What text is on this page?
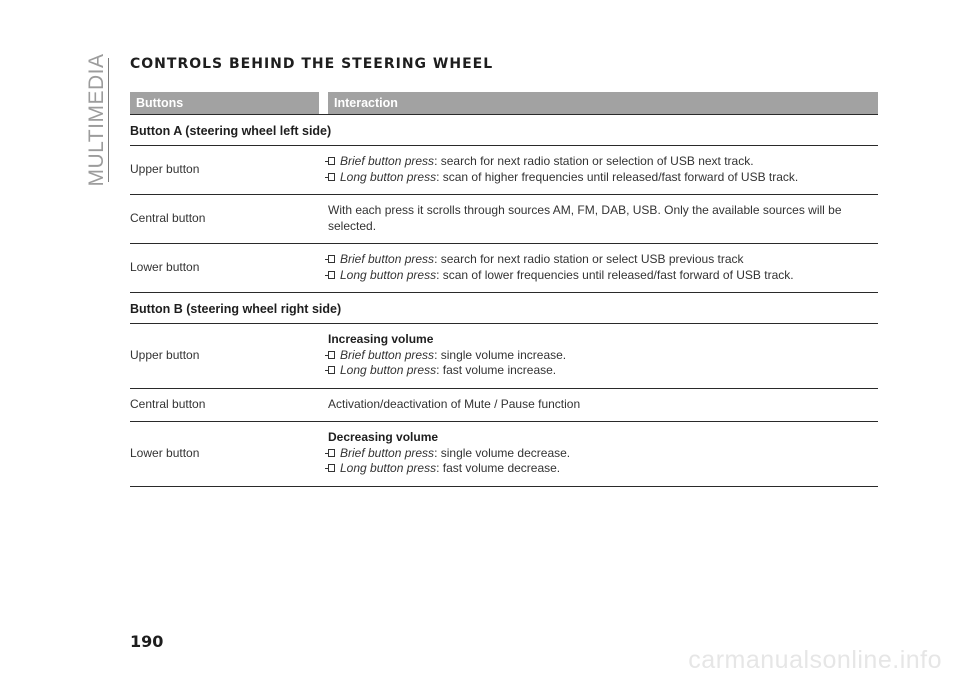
MULTIMEDIA CONTROLS BEHIND THE STEERING WHEEL
Buttons	Interaction
Button A (steering wheel left side)
Upper button
Brief button press: search for next radio station or selection of USB next track.
Long button press: scan of higher frequencies until released/fast forward of USB track.
Central button
With each press it scrolls through sources AM, FM, DAB, USB. Only the available sources will be selected.
Lower button
Brief button press: search for next radio station or select USB previous track
Long button press: scan of lower frequencies until released/fast forward of USB track.
Button B (steering wheel right side)
Upper button
Increasing volume
Brief button press: single volume increase.
Long button press: fast volume increase.
Central button	Activation/deactivation of Mute / Pause function
Lower button
Decreasing volume
Brief button press: single volume decrease.
Long button press: fast volume decrease.
190
carmanualsonline.info
